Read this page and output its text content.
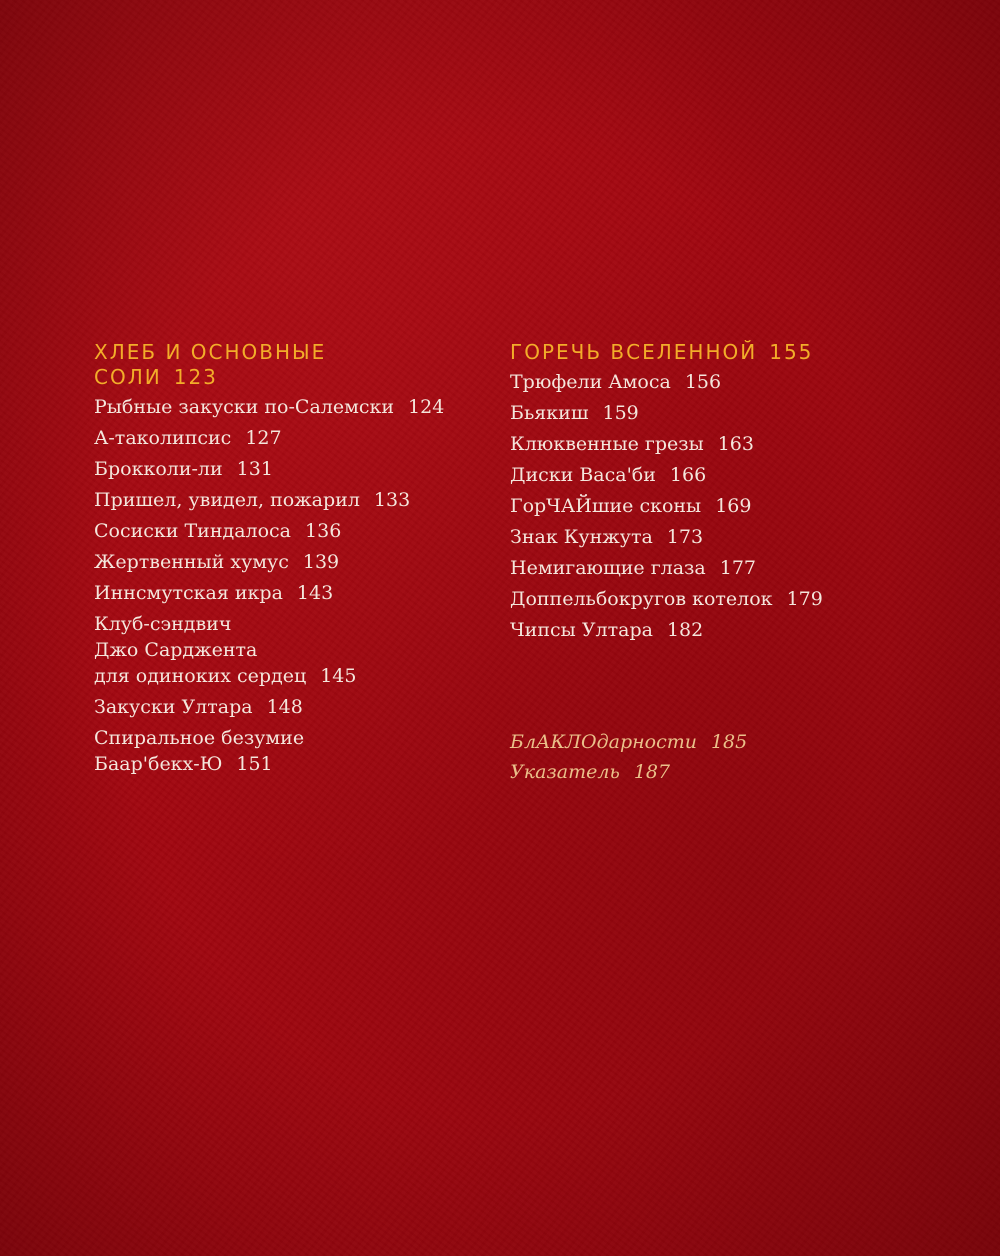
ХЛЕБ И ОСНОВНЫЕ
СОЛИ 123
Рыбные закуски по-Салемски 124
А-таколипсис 127
Брокколи-ли 131
Пришел, увидел, пожарил 133
Сосиски Тиндалоса 136
Жертвенный хумус 139
Иннсмутская икра 143
Клуб-сэндвич
Джо Сарджента
для одиноких сердец 145
Закуски Ултара 148
Спиральное безумие
Баар'бекх-Ю 151
ГОРЕЧЬ ВСЕЛЕННОЙ 155
Трюфели Амоса 156
Бьякиш 159
Клюквенные грезы 163
Диски Васа'би 166
ГорЧАЙшие сконы 169
Знак Кунжута 173
Немигающие глаза 177
Доппельбокругов котелок 179
Чипсы Ултара 182
БлАКЛОдарности 185
Указатель 187
